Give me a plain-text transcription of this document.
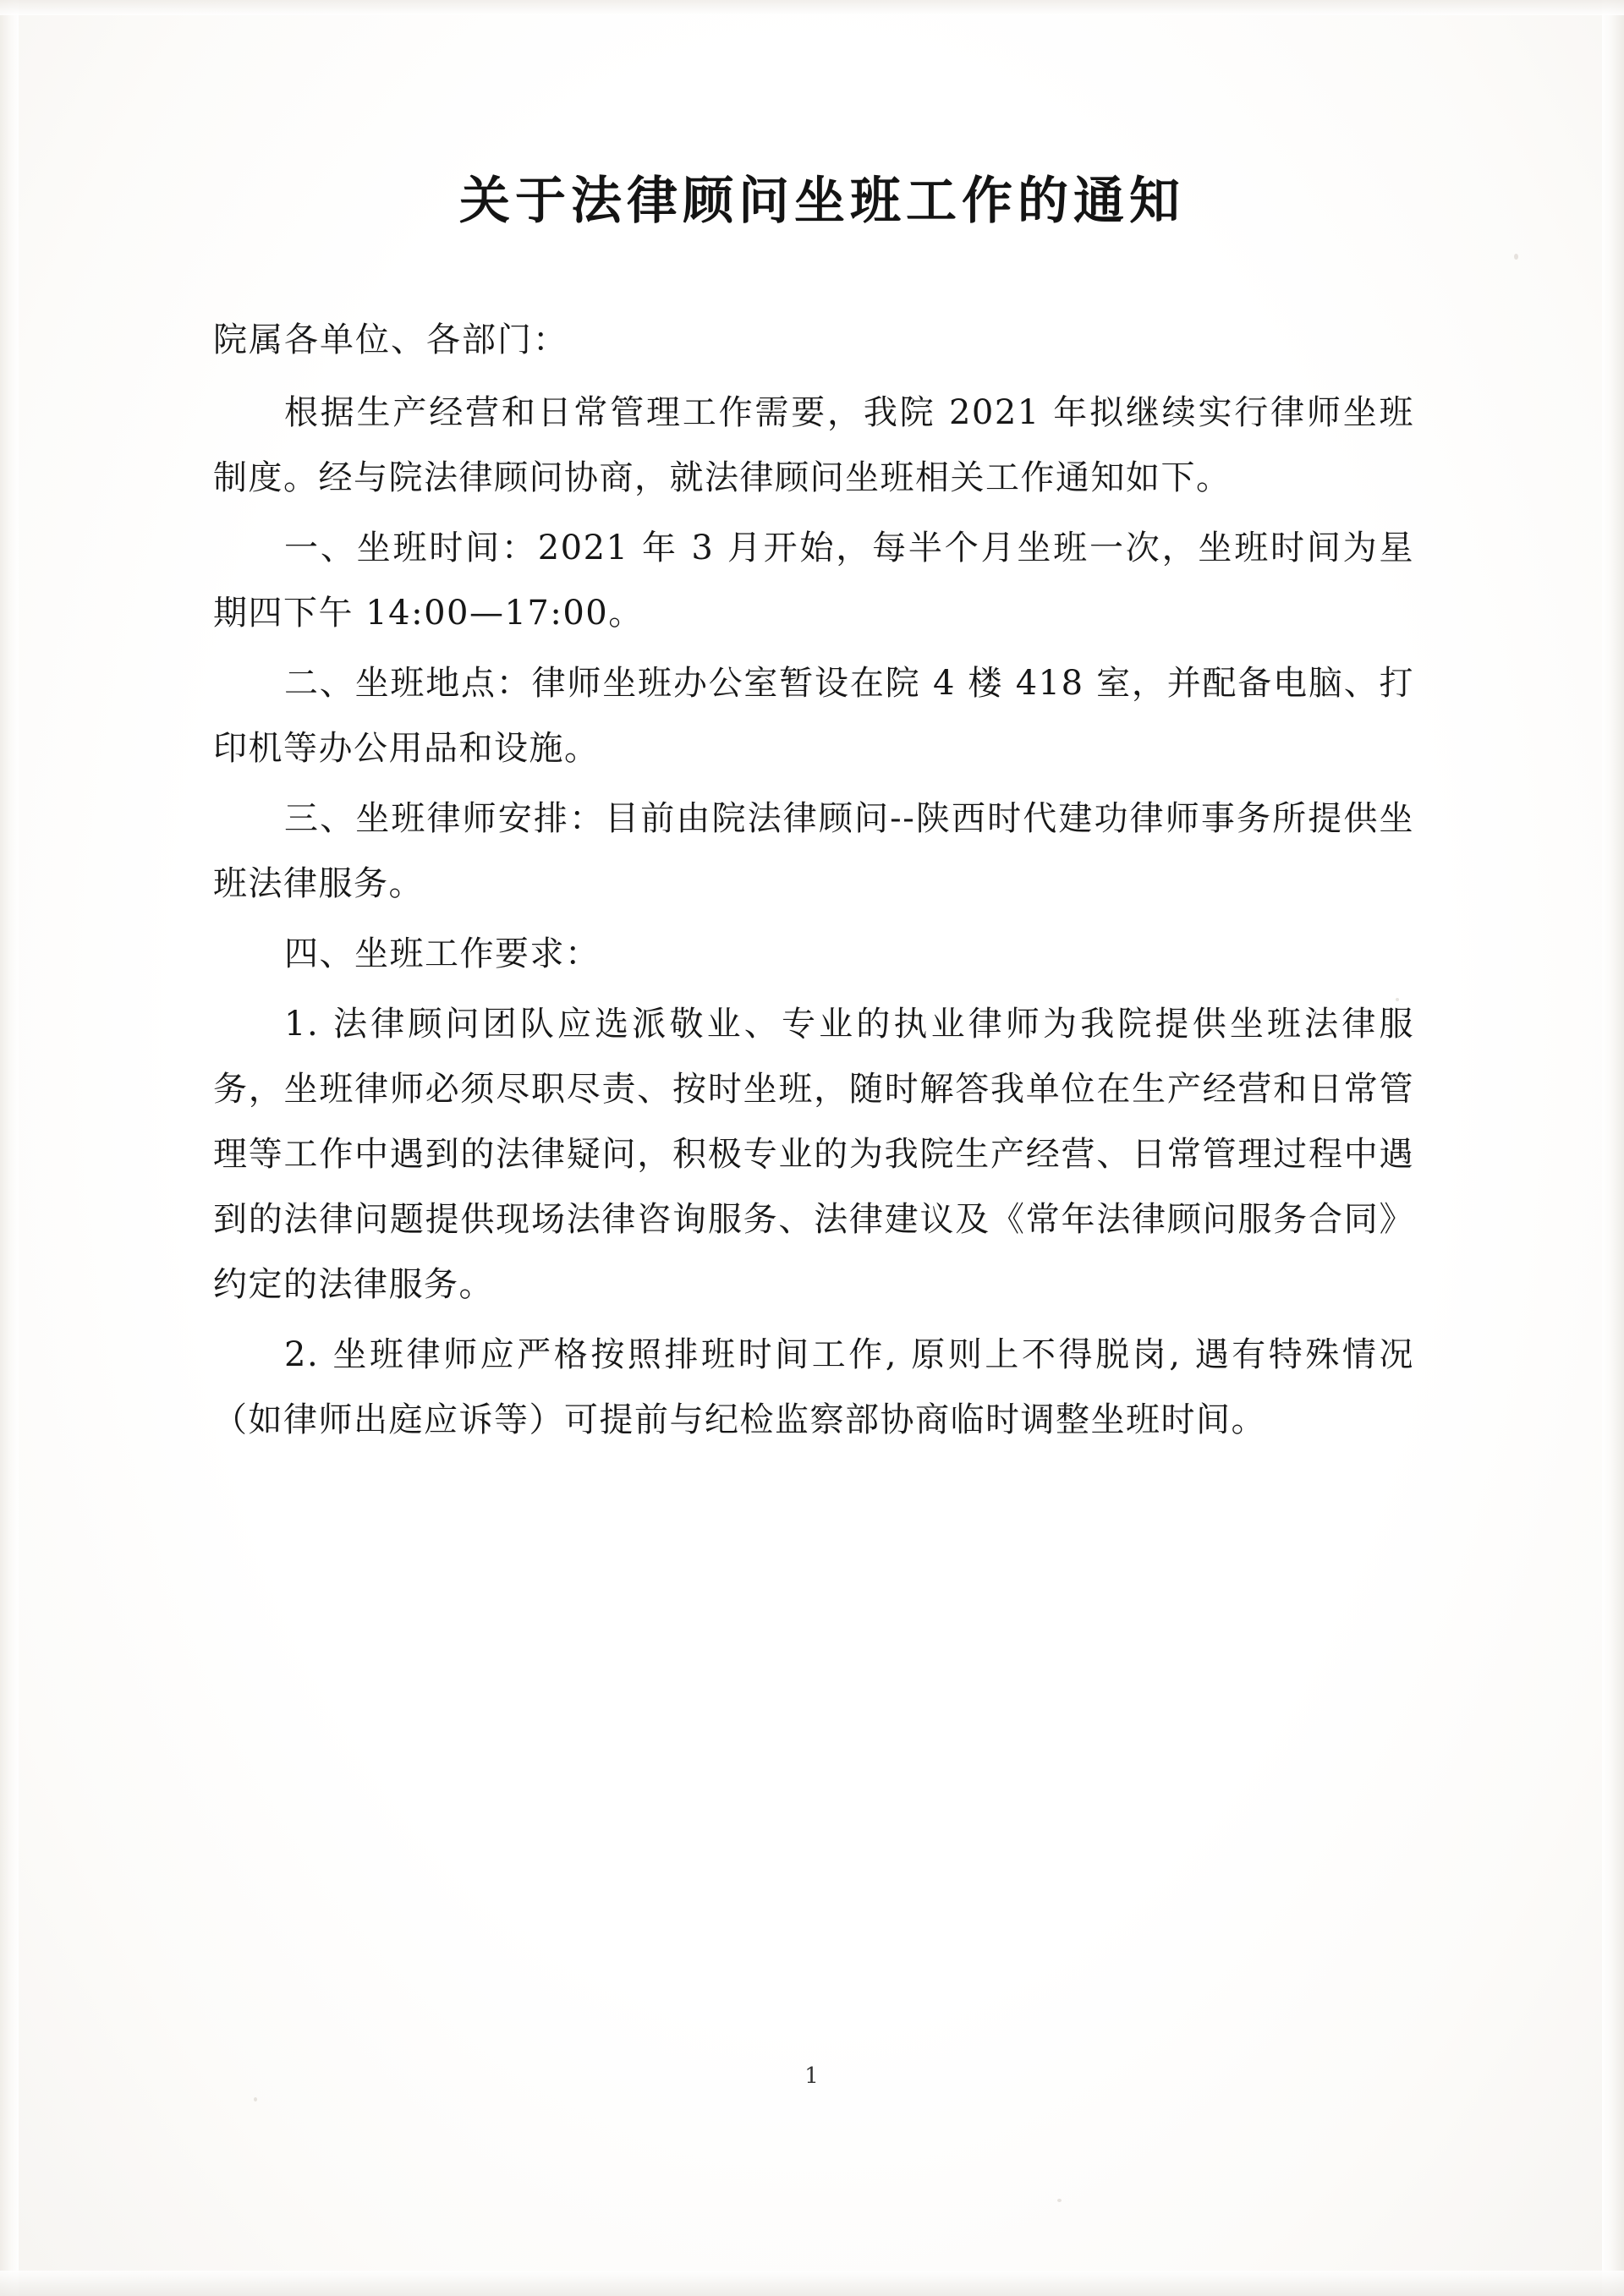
关于法律顾问坐班工作的通知
院属各单位、各部门：

根据生产经营和日常管理工作需要，我院 2021 年拟继续实行律师坐班制度。经与院法律顾问协商，就法律顾问坐班相关工作通知如下。

一、坐班时间：2021 年 3 月开始，每半个月坐班一次，坐班时间为星期四下午 14:00—17:00。

二、坐班地点：律师坐班办公室暂设在院 4 楼 418 室，并配备电脑、打印机等办公用品和设施。

三、坐班律师安排：目前由院法律顾问--陕西时代建功律师事务所提供坐班法律服务。

四、坐班工作要求：

1. 法律顾问团队应选派敬业、专业的执业律师为我院提供坐班法律服务，坐班律师必须尽职尽责、按时坐班，随时解答我单位在生产经营和日常管理等工作中遇到的法律疑问，积极专业的为我院生产经营、日常管理过程中遇到的法律问题提供现场法律咨询服务、法律建议及《常年法律顾问服务合同》约定的法律服务。

2. 坐班律师应严格按照排班时间工作, 原则上不得脱岗, 遇有特殊情况（如律师出庭应诉等）可提前与纪检监察部协商临时调整坐班时间。

1
